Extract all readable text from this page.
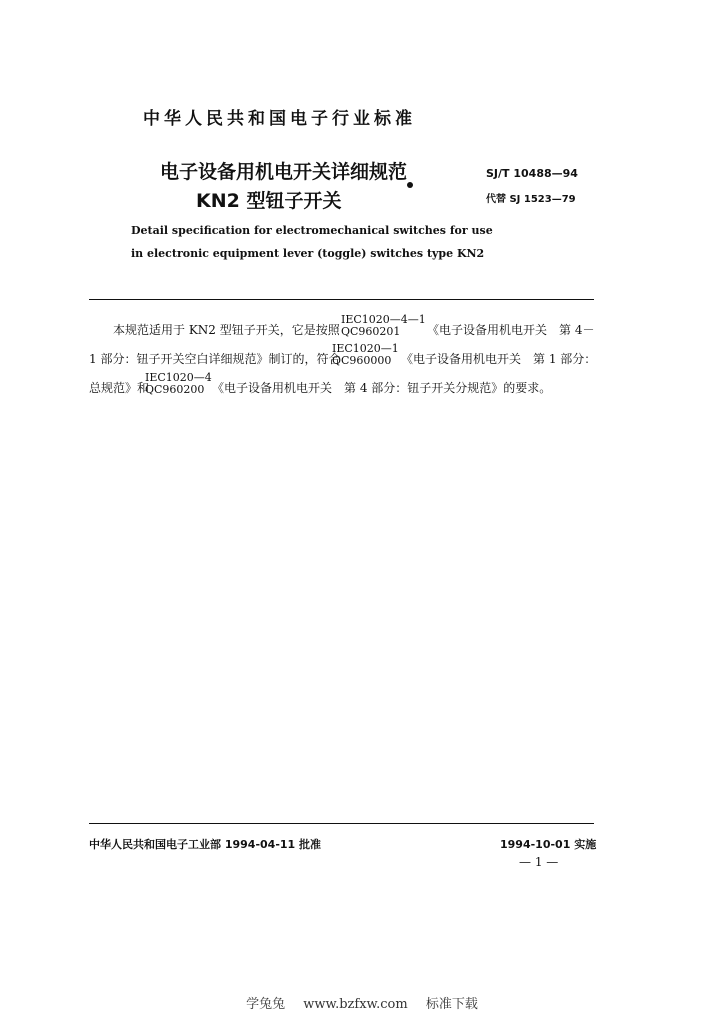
中华人民共和国电子行业标准
电子设备用机电开关详细规范
KN2 型钮子开关
SJ/T 10488—94
代替 SJ 1523—79
Detail specification for electromechanical switches for use
in electronic equipment lever (toggle) switches type KN2
本规范适用于 KN2 型钮子开关，它是按照
IEC1020—4—1
QC960201	《电子设备用机电开关　第 4－
1 部分：钮子开关空白详细规范》制订的，符合
IEC1020—1
QC960000 《电子设备用机电开关　第 1 部分：
总规范》和
IEC1020—4
QC960200 《电子设备用机电开关　第 4 部分：钮子开关分规范》的要求。
中华人民共和国电子工业部 1994-04-11 批准	1994-10-01 实施
— 1 —
学兔兔 www.bzfxw.com 标准下载
